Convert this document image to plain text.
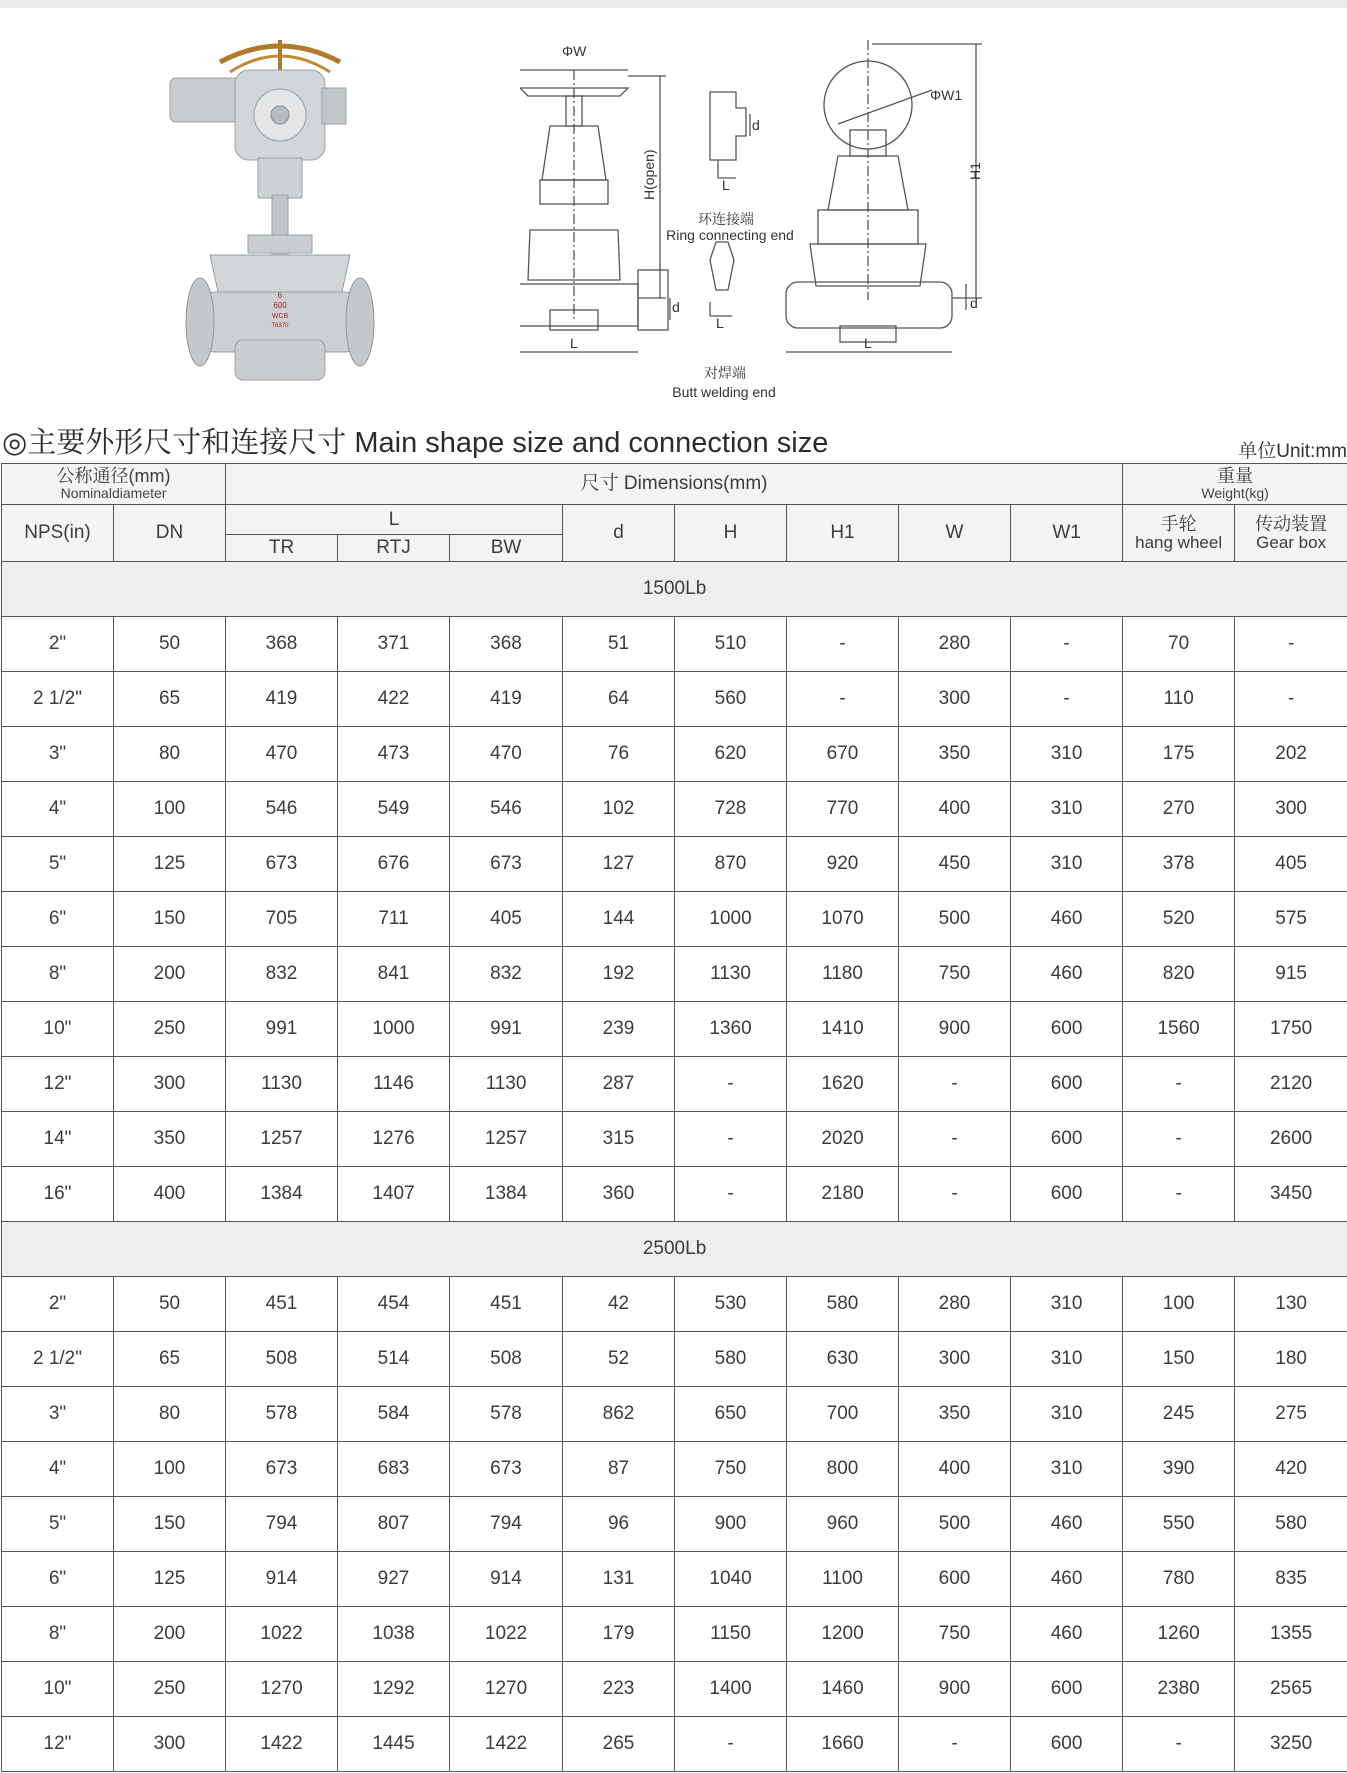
6
600
WCB
T6370
ΦW
H(open)
L
d
d
L
环连接端
L
ΦW1
H1
L
d
Ring connecting end
对焊端
Butt welding end
◎主要外形尺寸和连接尺寸 Main shape size and connection size	单位Unit:mm
公称通径(mm)
Nominaldiameter		尺寸 Dimensions(mm)								重量
Weight(kg)	

NPS(in)	DN	L			d	H	H1	W	W1	手轮
hang wheel	传动装置
Gear box

		TR	RTJ	BW							
1500Lb											
2"	50	368	371	368	51	510	-	280	-	70	-
2 1/2"	65	419	422	419	64	560	-	300	-	110	-
3"	80	470	473	470	76	620	670	350	310	175	202
4"	100	546	549	546	102	728	770	400	310	270	300
5"	125	673	676	673	127	870	920	450	310	378	405
6"	150	705	711	405	144	1000	1070	500	460	520	575
8"	200	832	841	832	192	1130	1180	750	460	820	915
10"	250	991	1000	991	239	1360	1410	900	600	1560	1750
12"	300	1130	1146	1130	287	-	1620	-	600	-	2120
14"	350	1257	1276	1257	315	-	2020	-	600	-	2600
16"	400	1384	1407	1384	360	-	2180	-	600	-	3450
2500Lb											
2"	50	451	454	451	42	530	580	280	310	100	130
2 1/2"	65	508	514	508	52	580	630	300	310	150	180
3"	80	578	584	578	862	650	700	350	310	245	275
4"	100	673	683	673	87	750	800	400	310	390	420
5"	150	794	807	794	96	900	960	500	460	550	580
6"	125	914	927	914	131	1040	1100	600	460	780	835
8"	200	1022	1038	1022	179	1150	1200	750	460	1260	1355
10"	250	1270	1292	1270	223	1400	1460	900	600	2380	2565
12"	300	1422	1445	1422	265	-	1660	-	600	-	3250
